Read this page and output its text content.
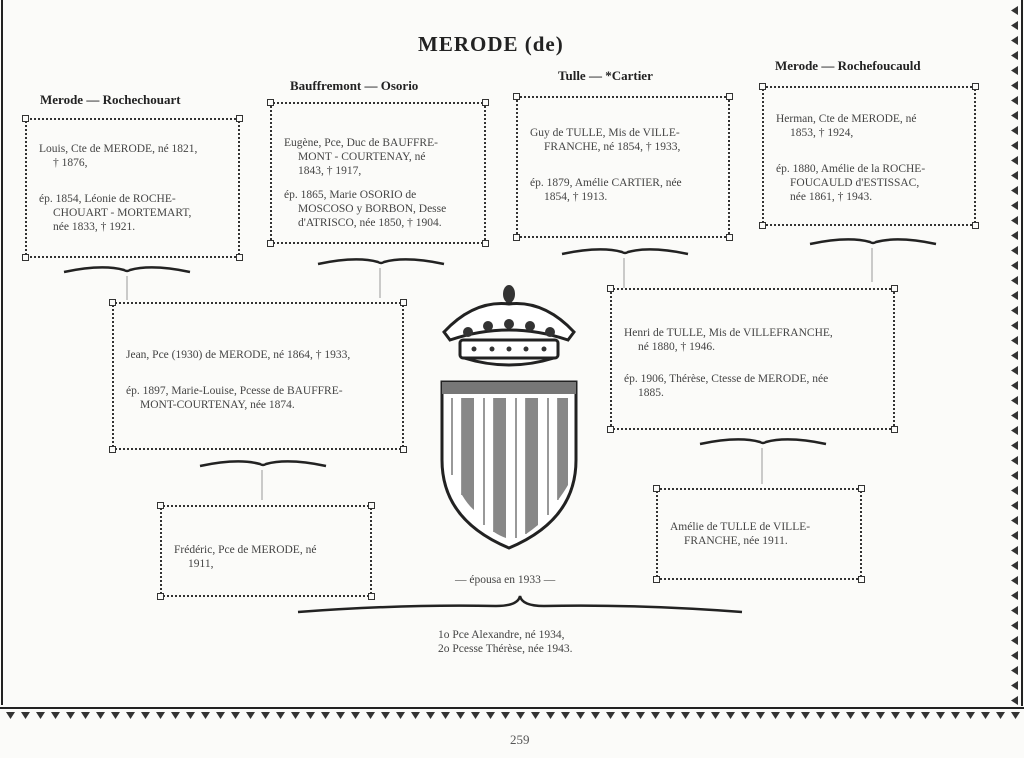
MERODE (de)
Merode — Rochechouart
Bauffremont — Osorio
Tulle — *Cartier
Merode — Rochefoucauld
Louis, Cte de MERODE, né 1821,
† 1876,
ép. 1854, Léonie de ROCHE-
CHOUART - MORTEMART,
née 1833, † 1921.
Eugène, Pce, Duc de BAUFFRE-
MONT - COURTENAY, né
1843, † 1917,
ép. 1865, Marie OSORIO de
MOSCOSO y BORBON, Desse
d'ATRISCO, née 1850, † 1904.
Guy de TULLE, Mis de VILLE-
FRANCHE, né 1854, † 1933,
ép. 1879, Amélie CARTIER, née
1854, † 1913.
Herman, Cte de MERODE, né
1853, † 1924,
ép. 1880, Amélie de la ROCHE-
FOUCAULD d'ESTISSAC,
née 1861, † 1943.
Jean, Pce (1930) de MERODE, né 1864, † 1933,
ép. 1897, Marie-Louise, Pcesse de BAUFFRE-
MONT-COURTENAY, née 1874.
Henri de TULLE, Mis de VILLEFRANCHE,
né 1880, † 1946.
ép. 1906, Thérèse, Ctesse de MERODE, née
1885.
Frédéric, Pce de MERODE, né
1911,
Amélie de TULLE de VILLE-
FRANCHE, née 1911.
— épousa en 1933 —
1o Pce Alexandre, né 1934,
2o Pcesse Thérèse, née 1943.
259
